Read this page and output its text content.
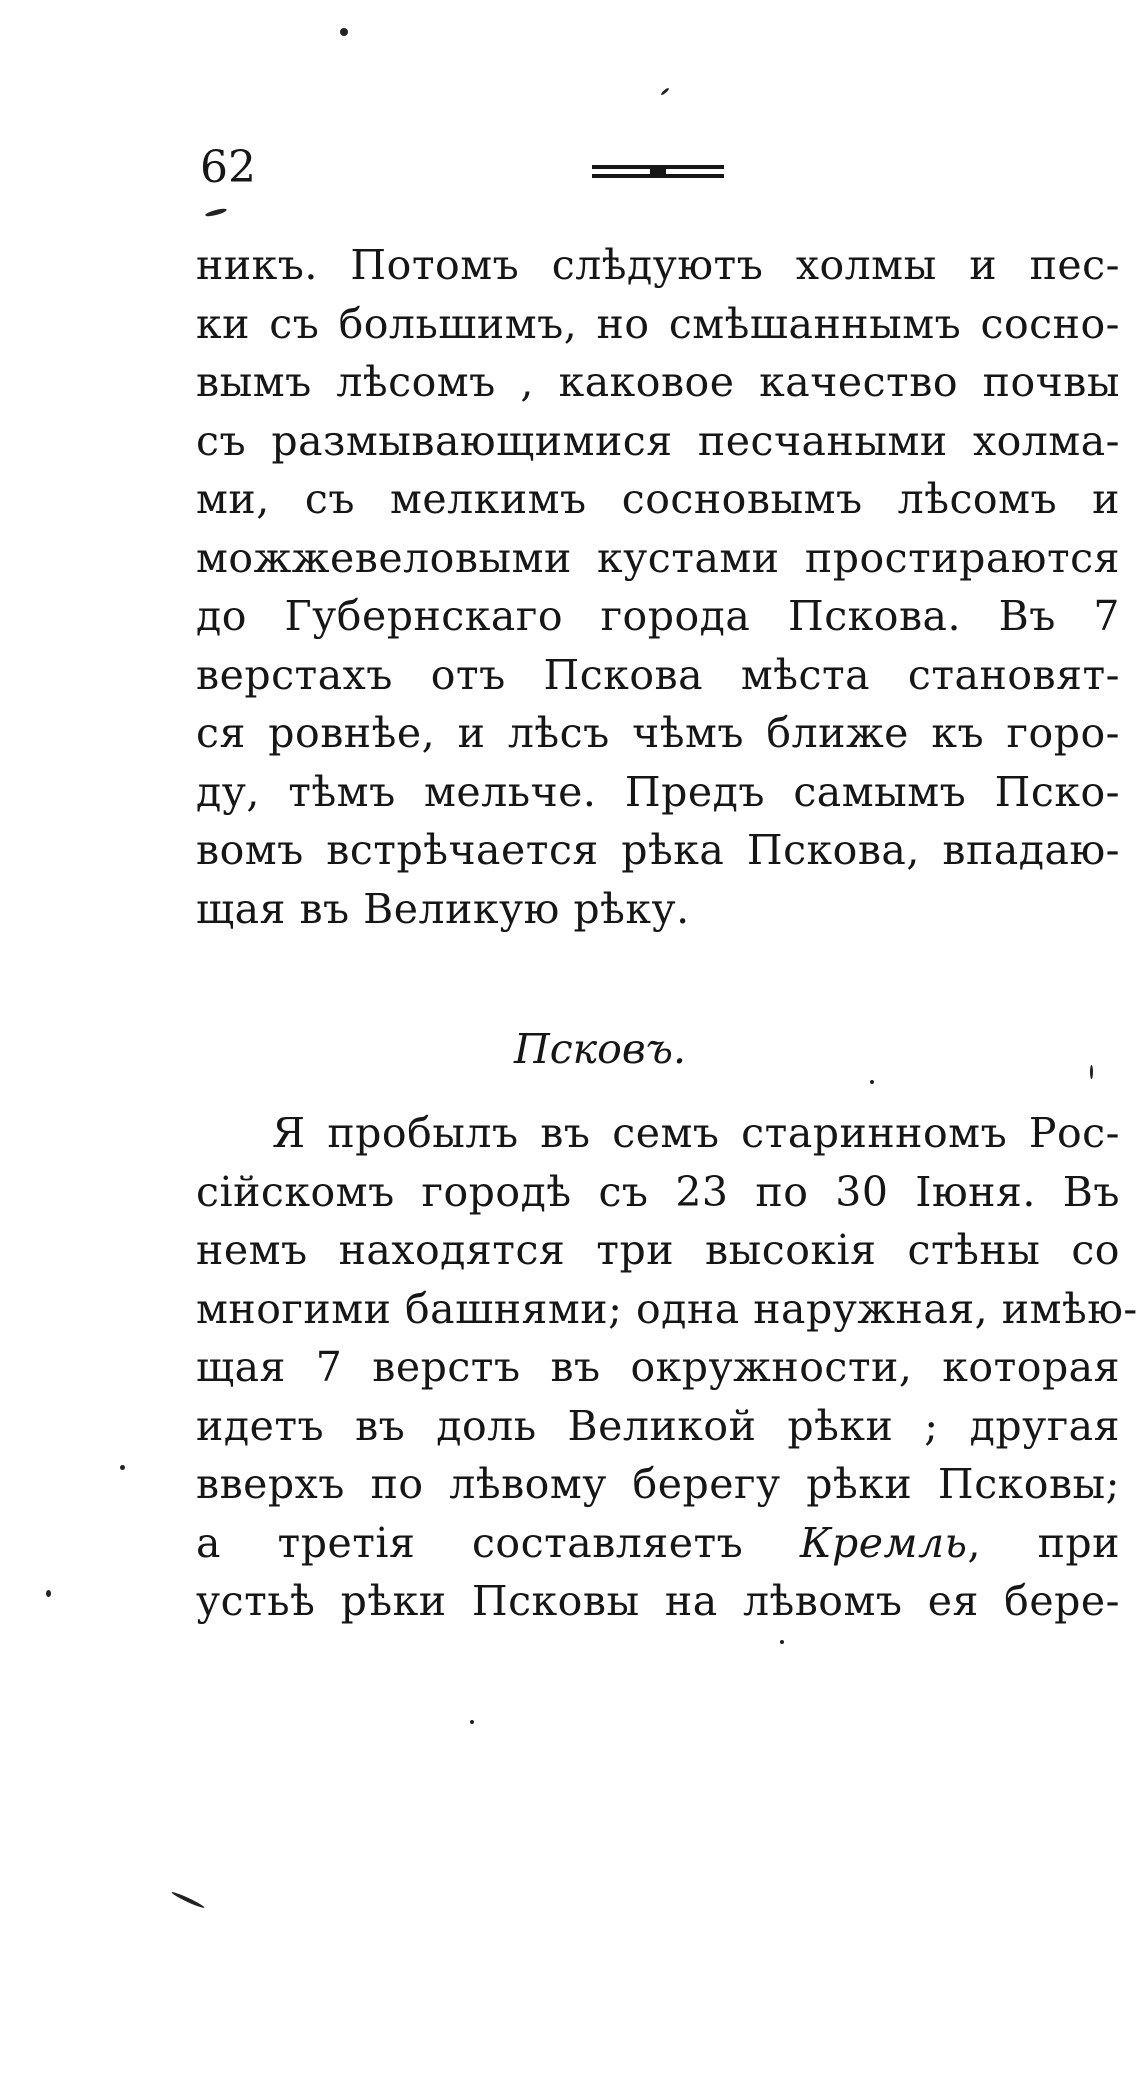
62
никъ. Потомъ слѣдуютъ холмы и пес-
ки съ большимъ, но смѣшаннымъ сосно-
вымъ лѣсомъ , каковое качество почвы
съ размывающимися песчаными холма-
ми, съ мелкимъ сосновымъ лѣсомъ и
можжевеловыми кустами простираются
до Губернскаго города Пскова. Въ 7
верстахъ отъ Пскова мѣста становят-
ся ровнѣе, и лѣсъ чѣмъ ближе къ горо-
ду, тѣмъ мельче. Предъ самымъ Пско-
вомъ встрѣчается рѣка Пскова, впадаю-
щая въ Великую рѣку.
Псковъ.
Я пробылъ въ семъ старинномъ Рос-
сійскомъ городѣ съ 23 по 30 Іюня. Въ
немъ находятся три высокія стѣны со
многими башнями; одна наружная, имѣю-
щая 7 верстъ въ окружности, которая
идетъ въ доль Великой рѣки ; другая
вверхъ по лѣвому берегу рѣки Псковы;
а третія составляетъ Кремль, при
устьѣ рѣки Псковы на лѣвомъ ея бере-
